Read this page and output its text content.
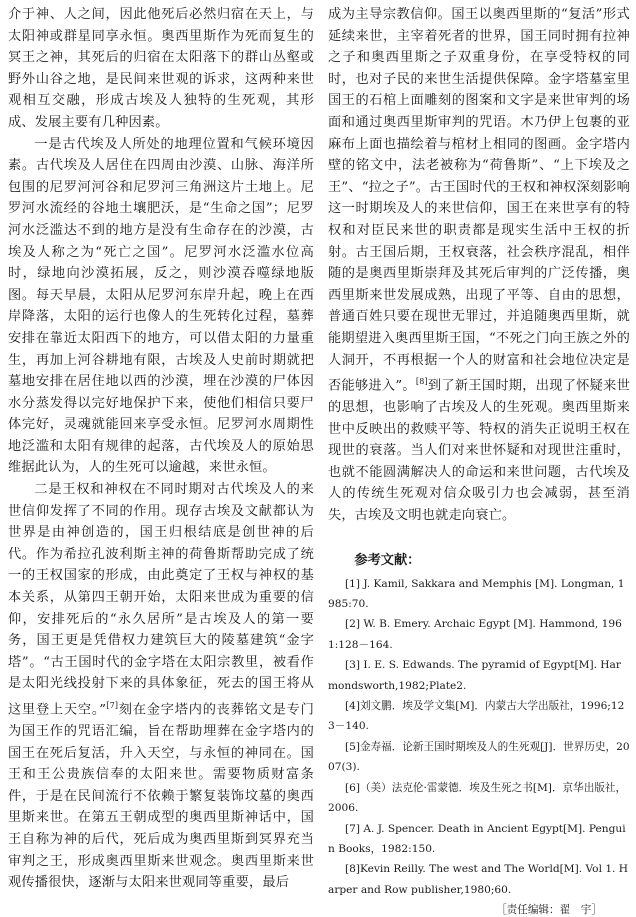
介于神、人之间，因此他死后必然归宿在天上，与太阳神或群星同享永恒。奥西里斯作为死而复生的冥王之神，其死后的归宿在太阳落下的群山丛壑或野外山谷之地，是民间来世观的诉求，这两种来世观相互交融，形成古埃及人独特的生死观，其形成、发展主要有几种因素。

一是古代埃及人所处的地理位置和气候环境因素。古代埃及人居住在四周由沙漠、山脉、海洋所包围的尼罗河河谷和尼罗河三角洲这片土地上。尼罗河水流经的谷地土壤肥沃，是“生命之国”；尼罗河水泛滥达不到的地方是没有生命存在的沙漠，古埃及人称之为“死亡之国”。尼罗河水泛滥水位高时，绿地向沙漠拓展，反之，则沙漠吞噬绿地版图。每天早晨，太阳从尼罗河东岸升起，晚上在西岸降落，太阳的运行也像人的生死转化过程，墓葬安排在靠近太阳西下的地方，可以借太阳的力量重生，再加上河谷耕地有限，古埃及人史前时期就把墓地安排在居住地以西的沙漠，埋在沙漠的尸体因水分蒸发得以完好地保护下来，使他们相信只要尸体完好，灵魂就能回来享受永恒。尼罗河水周期性地泛滥和太阳有规律的起落，古代埃及人的原始思维据此认为，人的生死可以逾越，来世永恒。

二是王权和神权在不同时期对古代埃及人的来世信仰发挥了不同的作用。现存古埃及文献都认为世界是由神创造的，国王归根结底是创世神的后代。作为希拉孔波利斯主神的荷鲁斯帮助完成了统一的王权国家的形成，由此奠定了王权与神权的基本关系，从第四王朝开始，太阳来世成为重要的信仰，安排死后的“永久居所”是古埃及人的第一要务，国王更是凭借权力建筑巨大的陵墓建筑“金字塔”。“古王国时代的金字塔在太阳宗教里，被看作是太阳光线投射下来的具体象征，死去的国王将从这里登上天空。”[7]刻在金字塔内的丧葬铭文是专门为国王作的咒语汇编，旨在帮助埋葬在金字塔内的国王在死后复活，升入天空，与永恒的神同在。国王和王公贵族信奉的太阳来世。需要物质财富条件，于是在民间流行不依赖于繁复装饰坟墓的奥西里斯来世。在第五王朝成型的奥西里斯神话中，国王自称为神的后代，死后成为奥西里斯到冥界充当审判之王，形成奥西里斯来世观念。奥西里斯来世观传播很快，逐渐与太阳来世观同等重要，最后

成为主导宗教信仰。国王以奥西里斯的“复活”形式延续来世，主宰着死者的世界，国王同时拥有拉神之子和奥西里斯之子双重身份，在享受特权的同时，也对子民的来世生活提供保障。金字塔墓室里国王的石棺上面雕刻的图案和文字是来世审判的场面和通过奥西里斯审判的咒语。木乃伊上包裹的亚麻布上面也描绘着与棺材上相同的图画。金字塔内壁的铭文中，法老被称为“荷鲁斯”、“上下埃及之王”、“拉之子”。古王国时代的王权和神权深刻影响这一时期埃及人的来世信仰，国王在来世享有的特权和对臣民来世的职责都是现实生活中王权的折射。古王国后期，王权衰落，社会秩序混乱，相伴随的是奥西里斯崇拜及其死后审判的广泛传播，奥西里斯来世发展成熟，出现了平等、自由的思想，普通百姓只要在现世无罪过，并追随奥西里斯，就能期望进入奥西里斯王国，“不死之门向王族之外的人洞开，不再根据一个人的财富和社会地位决定是否能够进入”。[8]到了新王国时期，出现了怀疑来世的思想，也影响了古埃及人的生死观。奥西里斯来世中反映出的救赎平等、特权的消失正说明王权在现世的衰落。当人们对来世怀疑和对现世注重时，也就不能圆满解决人的命运和来世问题，古代埃及人的传统生死观对信众吸引力也会减弱，甚至消失，古埃及文明也就走向衰亡。

参考文献：

[1] J. Kamil, Sakkara and Memphis [M]. Longman, 1985:70.

[2] W. B. Emery. Archaic Egypt [M]. Hammond, 1961:128－164.

[3] I. E. S. Edwands. The pyramid of Egypt[M]. Harmondsworth,1982;Plate2.

[4]刘文鹏．埃及学文集[M]．内蒙古大学出版社，1996;123－140.

[5]金寿福．论新王国时期埃及人的生死观[J]．世界历史，2007(3).

[6]（美）法克伦·雷蒙德．埃及生死之书[M]．京华出版社，2006.

[7] A. J. Spencer. Death in Ancient Egypt[M]. Penguin Books，1982:150.

[8]Kevin Reilly. The west and The World[M]. Vol 1. Harper and Row publisher,1980;60.

［责任编辑：翟　宇］
